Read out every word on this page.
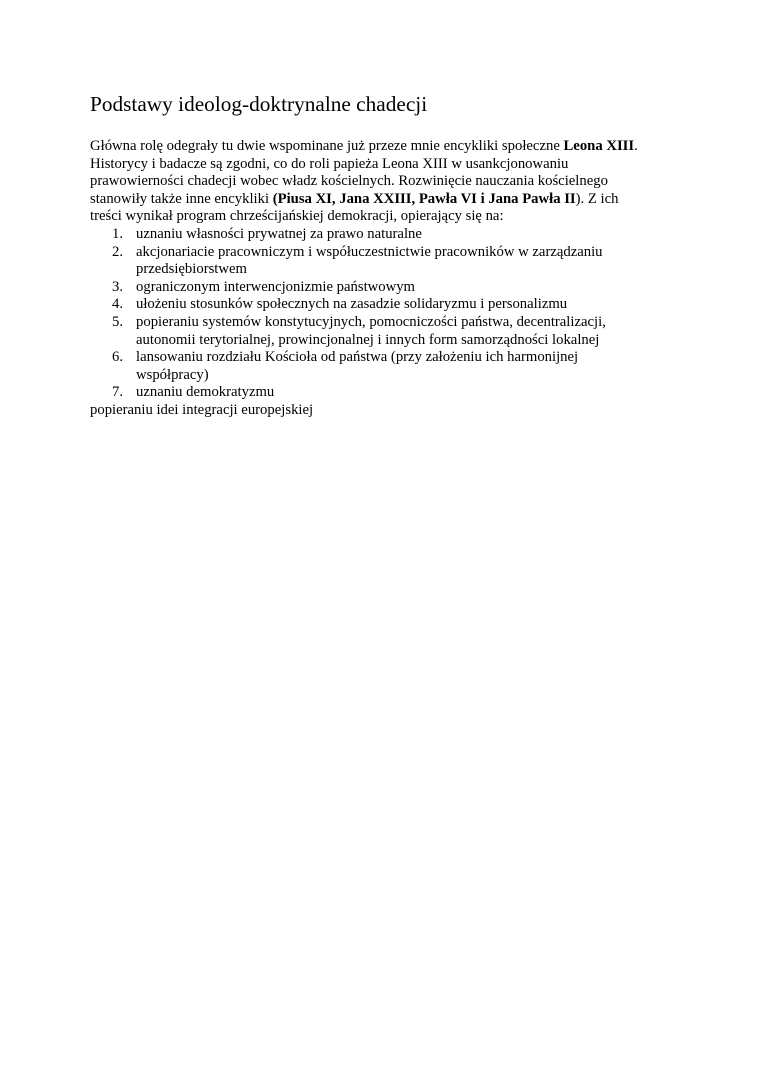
Podstawy ideolog-doktrynalne chadecji

Główna rolę odegrały tu dwie wspominane już przeze mnie encykliki społeczne Leona XIII.
Historycy i badacze są zgodni, co do roli papieża Leona XIII w usankcjonowaniu
prawowierności chadecji wobec władz kościelnych. Rozwinięcie nauczania kościelnego
stanowiły także inne encykliki (Piusa XI, Jana XXIII, Pawła VI i Jana Pawła II). Z ich
treści wynikał program chrześcijańskiej demokracji, opierający się na:

1. uznaniu własności prywatnej za prawo naturalne
2. akcjonariacie pracowniczym i współuczestnictwie pracowników w zarządzaniu
przedsiębiorstwem
3. ograniczonym interwencjonizmie państwowym
4. ułożeniu stosunków społecznych na zasadzie solidaryzmu i personalizmu
5. popieraniu systemów konstytucyjnych, pomocniczości państwa, decentralizacji,
autonomii terytorialnej, prowincjonalnej i innych form samorządności lokalnej
6. lansowaniu rozdziału Kościoła od państwa (przy założeniu ich harmonijnej
współpracy)
7. uznaniu demokratyzmu

popieraniu idei integracji europejskiej
